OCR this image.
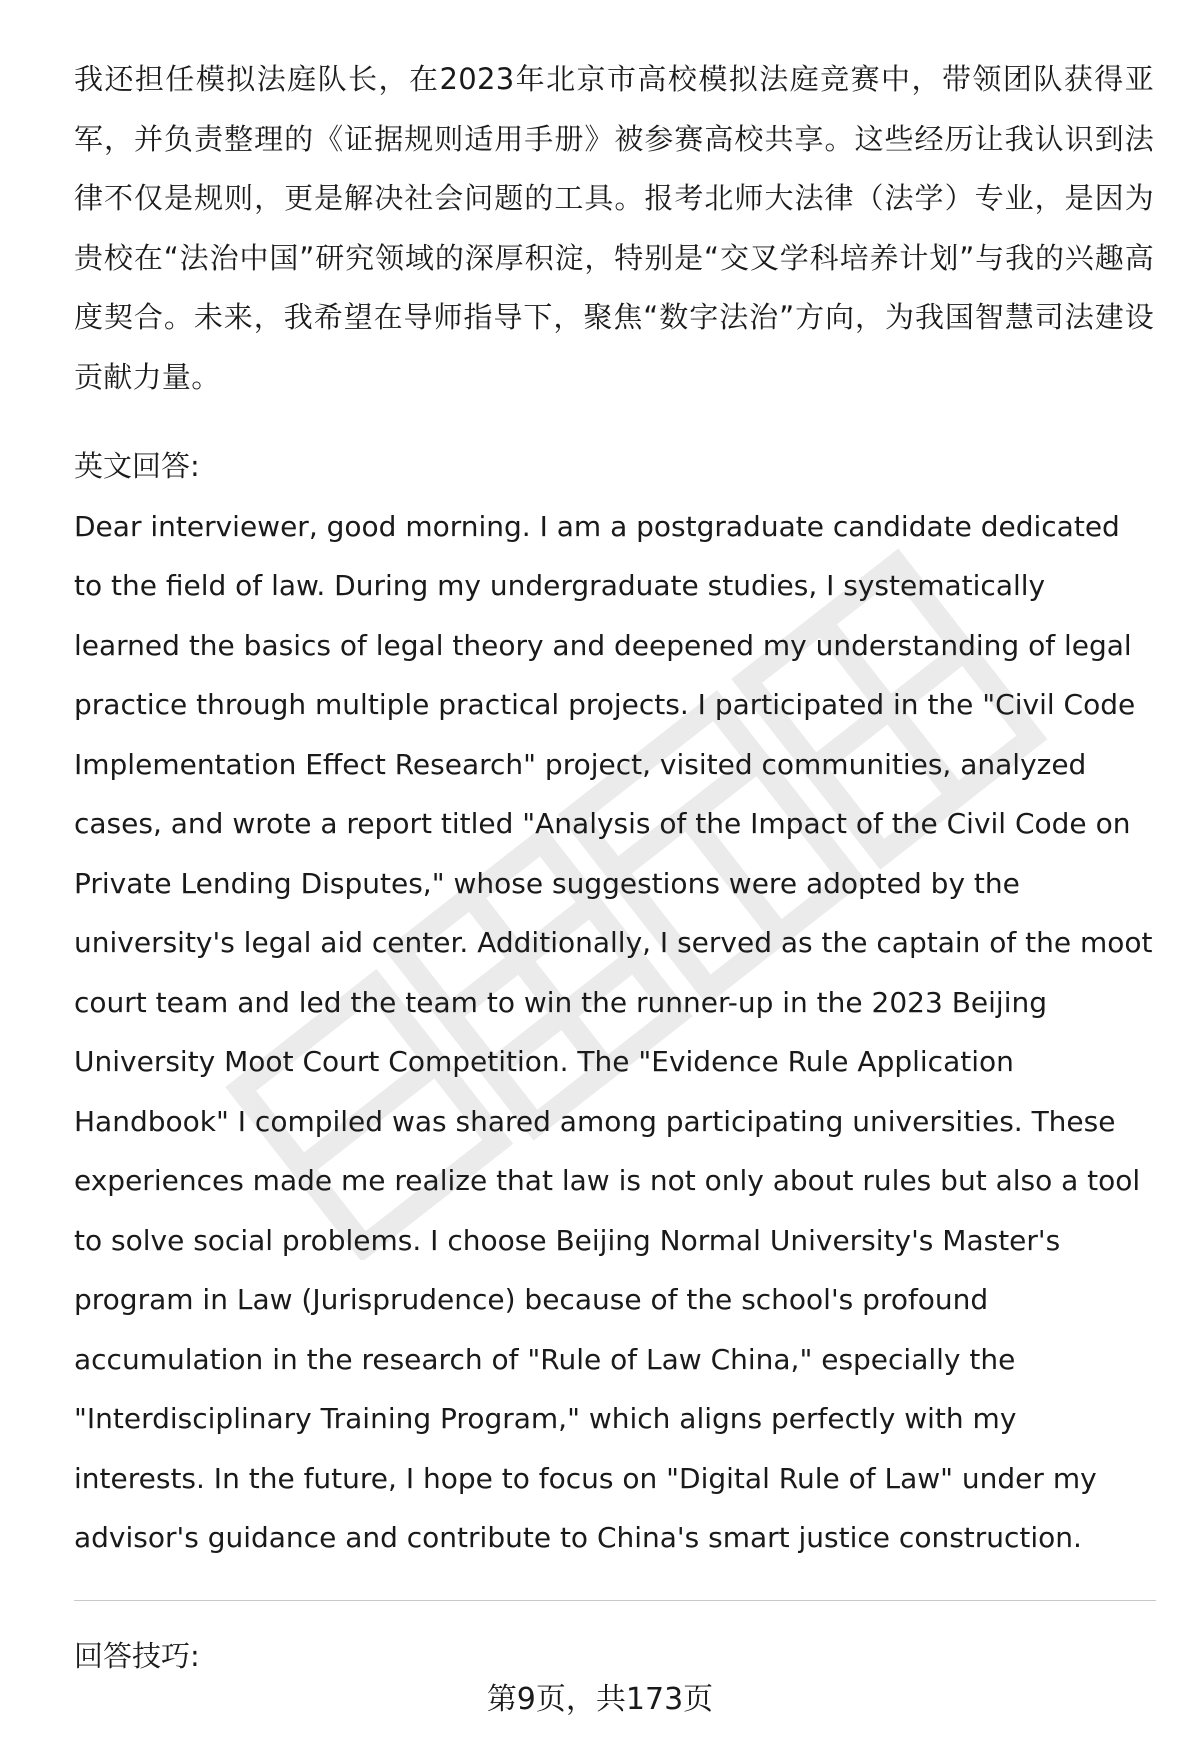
我还担任模拟法庭队长，在2023年北京市高校模拟法庭竞赛中，带领团队获得亚军，并负责整理的《证据规则适用手册》被参赛高校共享。这些经历让我认识到法律不仅是规则，更是解决社会问题的工具。报考北师大法律（法学）专业，是因为贵校在“法治中国”研究领域的深厚积淀，特别是“交叉学科培养计划”与我的兴趣高度契合。未来，我希望在导师指导下，聚焦“数字法治”方向，为我国智慧司法建设贡献力量。

英文回答:

Dear interviewer, good morning. I am a postgraduate candidate dedicated to the field of law. During my undergraduate studies, I systematically learned the basics of legal theory and deepened my understanding of legal practice through multiple practical projects. I participated in the "Civil Code Implementation Effect Research" project, visited communities, analyzed cases, and wrote a report titled "Analysis of the Impact of the Civil Code on Private Lending Disputes," whose suggestions were adopted by the university's legal aid center. Additionally, I served as the captain of the moot court team and led the team to win the runner-up in the 2023 Beijing University Moot Court Competition. The "Evidence Rule Application Handbook" I compiled was shared among participating universities. These experiences made me realize that law is not only about rules but also a tool to solve social problems. I choose Beijing Normal University's Master's program in Law (Jurisprudence) because of the school's profound accumulation in the research of "Rule of Law China," especially the "Interdisciplinary Training Program," which aligns perfectly with my interests. In the future, I hope to focus on "Digital Rule of Law" under my advisor's guidance and contribute to China's smart justice construction.

回答技巧:

第9页，共173页
